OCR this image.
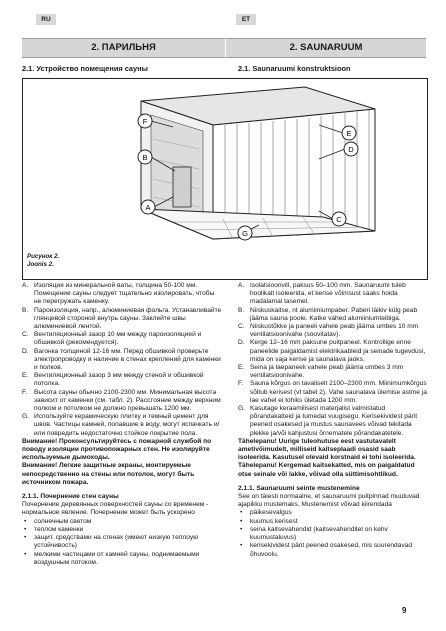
RU	ET
2. ПАРИЛЬНЯ	2. SAUNARUUM
2.1. Устройство помещения сауны	2.1. Saunaruumi konstruktsioon
A
B
C
D
E
F
G
Рисунок 2.
Joonis 2.
A. Изоляция из минеральной ваты, толщина 50-100 мм. Помещение сауны следует тщательно изолировать, чтобы не перегружать каменку.
B. Пароизоляция, напр., алюминиевая фольга. Устанавливайте глянцевой стороной внутрь сауны. Заклейте швы алюминиевой лентой.
C. Вентиляционный зазор 10 мм между пароизоляцией и обшивкой (рекомендуется).
D. Вагонка толщиной 12-16 мм. Перед обшивкой проверьте электропроводку и наличие в стенах креплений для каменки и полков.
E. Вентиляционный зазор 3 мм между стеной и обшивкой потолка.
F.	Высота сауны обычно 2100-2300 мм. Минимальная высота зависит от каменки (см. табл. 2). Расстояние между верхним полком и потолком не должно превышать 1200 мм.
G. Используйте керамическую плитку и темный цемент для швов. Частицы камней, попавшие в воду, могут испачкать и/или повредить недостаточно стойкое покрытие пола.
Внимание! Проконсультируйтесь с пожарной службой по поводу изоляции противопожарных стен. Не изолируйте используемые дымоходы.
Внимание! Легкие защитные экраны, монтируемые непосредственно на стены или потолок, могут быть источником пожара.
2.1.1. Почернение стен сауны
Почернение деревянных поверхностей сауны со временем - нормальное явление. Почернение может быть ускорено
•	солнечным светом
•	теплом каменки
•	защит. средствами на стенах (имеют низкую теплоую устойчивость)
•	мелкими частицами от камней сауны, поднимаемыми воздушным потоком.
A. Isolatsioonvill, paksus 50–100 mm. Saunaruumi tuleb hoolikalt isoleerida, et kerise võimsust saaks hoida madalamal tasemel.
B. Niiskuskaitse, nt alumiiniumpaber. Paberi läikiv külg peab jääma sauna poole. Katke vahed alumiiniumteibiga.
C. Niiskustõkke ja paneeli vahele peab jääma umbes 10 mm ventilatsioonivahe (soovitatav).
D. Kerge 12–16 mm paksune puitpaneel. Kontrollige enne paneelide paigaldamist elektrikaableid ja seinade tugevdusi, mida on vaja kerise ja saunalava jaoks.
E. Seina ja laepaneeli vahele peab jääma umbes 3 mm ventilatsioonivahe.
F.	Sauna kõrgus on tavaliselt 2100–2300 mm. Miinimumkõrgus sõltub kerisest (vt tabel 2). Vahe saunalava ülemise astme ja lae vahel ei tohiks ületada 1200 mm.
G. Kasutage keraamilisest materjalist valmistatud põrandakatteid ja tumedat vuugisegu. Kerisekividest pärit peened osakesed ja mustus saunavees võivad tekitada plekke ja/või kahjustusi õrnematele põrandakatetele.
Tähelepanu! Uurige tuleohutuse eest vastutavatelt ametivõimudelt, milliseid kaitseplaadi osasid saab isoleerida. Kasutusel olevaid korstnaid ei tohi isoleerida.
Tähelepanu! Kergemad kaitsekatted, mis on paigaldatud otse seinale või lakke, võivad olla süttimisohtlikud.
2.1.1. Saunaruumi seinte mustenemine
See on täiesti normaalne, et saunaruumi puitpinnad muutuvad ajapikku mustemaks. Mustenemist võivad kiirendada
•	päikesevalgus
•	kuumus kerisest
•	seina kaitsevahendid (kaitsevahenditel on kehv kuumustaluvus)
•	kerisekividest pärit peened osakesed, mis suurendavad õhuvoolu.
9
